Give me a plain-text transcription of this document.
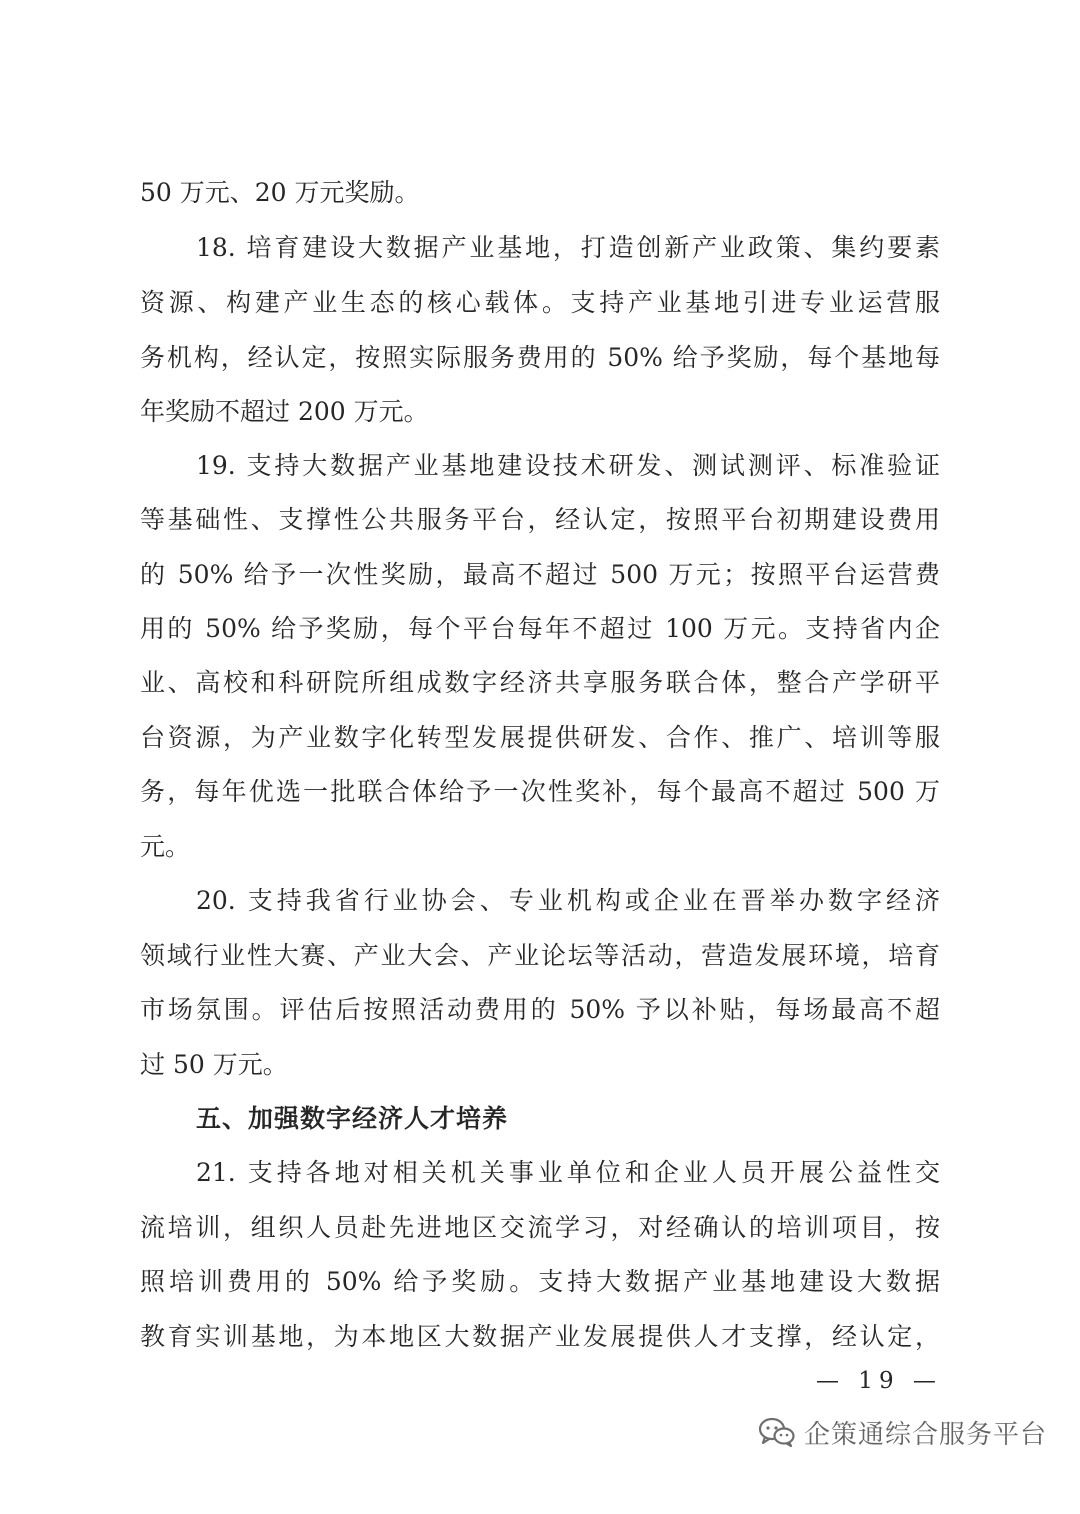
50 万元、20 万元奖励。
18. 培育建设大数据产业基地，打造创新产业政策、集约要素
资源、构建产业生态的核心载体。支持产业基地引进专业运营服
务机构，经认定，按照实际服务费用的 50% 给予奖励，每个基地每
年奖励不超过 200 万元。
19. 支持大数据产业基地建设技术研发、测试测评、标准验证
等基础性、支撑性公共服务平台，经认定，按照平台初期建设费用
的 50% 给予一次性奖励，最高不超过 500 万元；按照平台运营费
用的 50% 给予奖励，每个平台每年不超过 100 万元。支持省内企
业、高校和科研院所组成数字经济共享服务联合体，整合产学研平
台资源，为产业数字化转型发展提供研发、合作、推广、培训等服
务，每年优选一批联合体给予一次性奖补，每个最高不超过 500 万
元。
20. 支持我省行业协会、专业机构或企业在晋举办数字经济
领域行业性大赛、产业大会、产业论坛等活动，营造发展环境，培育
市场氛围。评估后按照活动费用的 50% 予以补贴，每场最高不超
过 50 万元。
五、加强数字经济人才培养
21. 支持各地对相关机关事业单位和企业人员开展公益性交
流培训，组织人员赴先进地区交流学习，对经确认的培训项目，按
照培训费用的 50% 给予奖励。支持大数据产业基地建设大数据
教育实训基地，为本地区大数据产业发展提供人才支撑，经认定，
— 19 —
企策通综合服务平台
